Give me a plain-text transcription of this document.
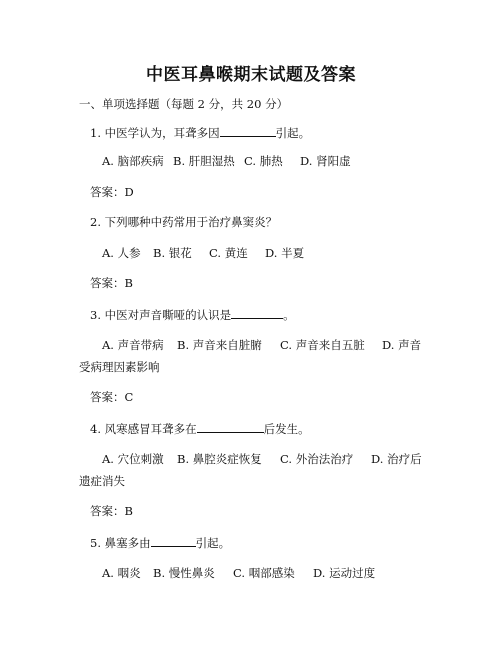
中医耳鼻喉期末试题及答案
一、单项选择题（每题 2 分，共 20 分）
1. 中医学认为，耳聋多因	引起。
A. 脑部疾病 B. 肝胆湿热 C. 肺热 D. 肾阳虚
答案：D
2. 下列哪种中药常用于治疗鼻窦炎？
A. 人参 B. 银花 C. 黄连 D. 半夏
答案：B
3. 中医对声音嘶哑的认识是	。
A. 声音带病 B. 声音来自脏腑 C. 声音来自五脏 D. 声音
受病理因素影响
答案：C
4. 风寒感冒耳聋多在	后发生。
A. 穴位刺激 B. 鼻腔炎症恢复 C. 外治法治疗 D. 治疗后
遗症消失
答案：B
5. 鼻塞多由	引起。
A. 咽炎 B. 慢性鼻炎 C. 咽部感染 D. 运动过度
